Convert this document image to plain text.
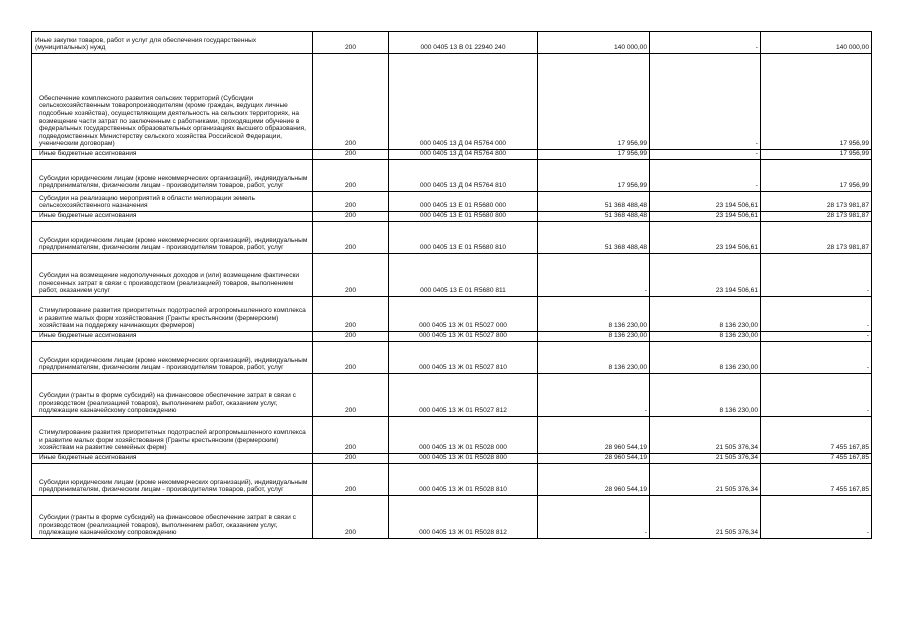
Иные закупки товаров, работ и услуг для обеспечения государственных (муниципальных) нужд	200	000 0405 13 В 01 22940 240	140 000,00	-	140 000,00
Обеспечение комплексного развития сельских территорий (Субсидии сельскохозяйственным товаропроизводителям (кроме граждан, ведущих личные подсобные хозяйства), осуществляющим деятельность на сельских территориях, на возмещение части затрат по заключенным с работниками, проходящими обучение в федеральных государственных образовательных организациях высшего образования, подведомственных Министерству сельского хозяйства Российской Федерации, ученическим договорам)	200	000 0405 13 Д 04 R5764 000	17 956,99	-	17 956,99
Иные бюджетные ассигнования	200	000 0405 13 Д 04 R5764 800	17 956,99	-	17 956,99
Субсидии юридическим лицам (кроме некоммерческих организаций), индивидуальным предпринимателям, физическим лицам - производителям товаров, работ, услуг	200	000 0405 13 Д 04 R5764 810	17 956,99	-	17 956,99
Субсидии на реализацию мероприятий в области мелиорации земель сельскохозяйственного назначения	200	000 0405 13 Е 01 R5680 000	51 368 488,48	23 194 506,61	28 173 981,87
Иные бюджетные ассигнования	200	000 0405 13 Е 01 R5680 800	51 368 488,48	23 194 506,61	28 173 981,87
Субсидии юридическим лицам (кроме некоммерческих организаций), индивидуальным предпринимателям, физическим лицам - производителям товаров, работ, услуг	200	000 0405 13 Е 01 R5680 810	51 368 488,48	23 194 506,61	28 173 981,87
Субсидии на возмещение недополученных доходов и (или) возмещение фактически понесенных затрат в связи с производством (реализацией) товаров, выполнением работ, оказанием услуг	200	000 0405 13 Е 01 R5680 811	-	23 194 506,61	-
Стимулирование развития приоритетных подотраслей агропромышленного комплекса и развитие малых форм хозяйствования (Гранты крестьянским (фермерским) хозяйствам на поддержку начинающих фермеров)	200	000 0405 13 Ж 01 R5027 000	8 136 230,00	8 136 230,00	-
Иные бюджетные ассигнования	200	000 0405 13 Ж 01 R5027 800	8 136 230,00	8 136 230,00	-
Субсидии юридическим лицам (кроме некоммерческих организаций), индивидуальным предпринимателям, физическим лицам - производителям товаров, работ, услуг	200	000 0405 13 Ж 01 R5027 810	8 136 230,00	8 136 230,00	-
Субсидии (гранты в форме субсидий) на финансовое обеспечение затрат в связи с производством (реализацией товаров), выполнением работ, оказанием услуг, подлежащие казначейскому сопровождению	200	000 0405 13 Ж 01 R5027 812	-	8 136 230,00	-
Стимулирование развития приоритетных подотраслей агропромышленного комплекса и развитие малых форм хозяйствования (Гранты крестьянским (фермерским) хозяйствам на развитие семейных ферм)	200	000 0405 13 Ж 01 R5028 000	28 960 544,19	21 505 376,34	7 455 167,85
Иные бюджетные ассигнования	200	000 0405 13 Ж 01 R5028 800	28 960 544,19	21 505 376,34	7 455 167,85
Субсидии юридическим лицам (кроме некоммерческих организаций), индивидуальным предпринимателям, физическим лицам - производителям товаров, работ, услуг	200	000 0405 13 Ж 01 R5028 810	28 960 544,19	21 505 376,34	7 455 167,85
Субсидии (гранты в форме субсидий) на финансовое обеспечение затрат в связи с производством (реализацией товаров), выполнением работ, оказанием услуг, подлежащие казначейскому сопровождению	200	000 0405 13 Ж 01 R5028 812	-	21 505 376,34	-
